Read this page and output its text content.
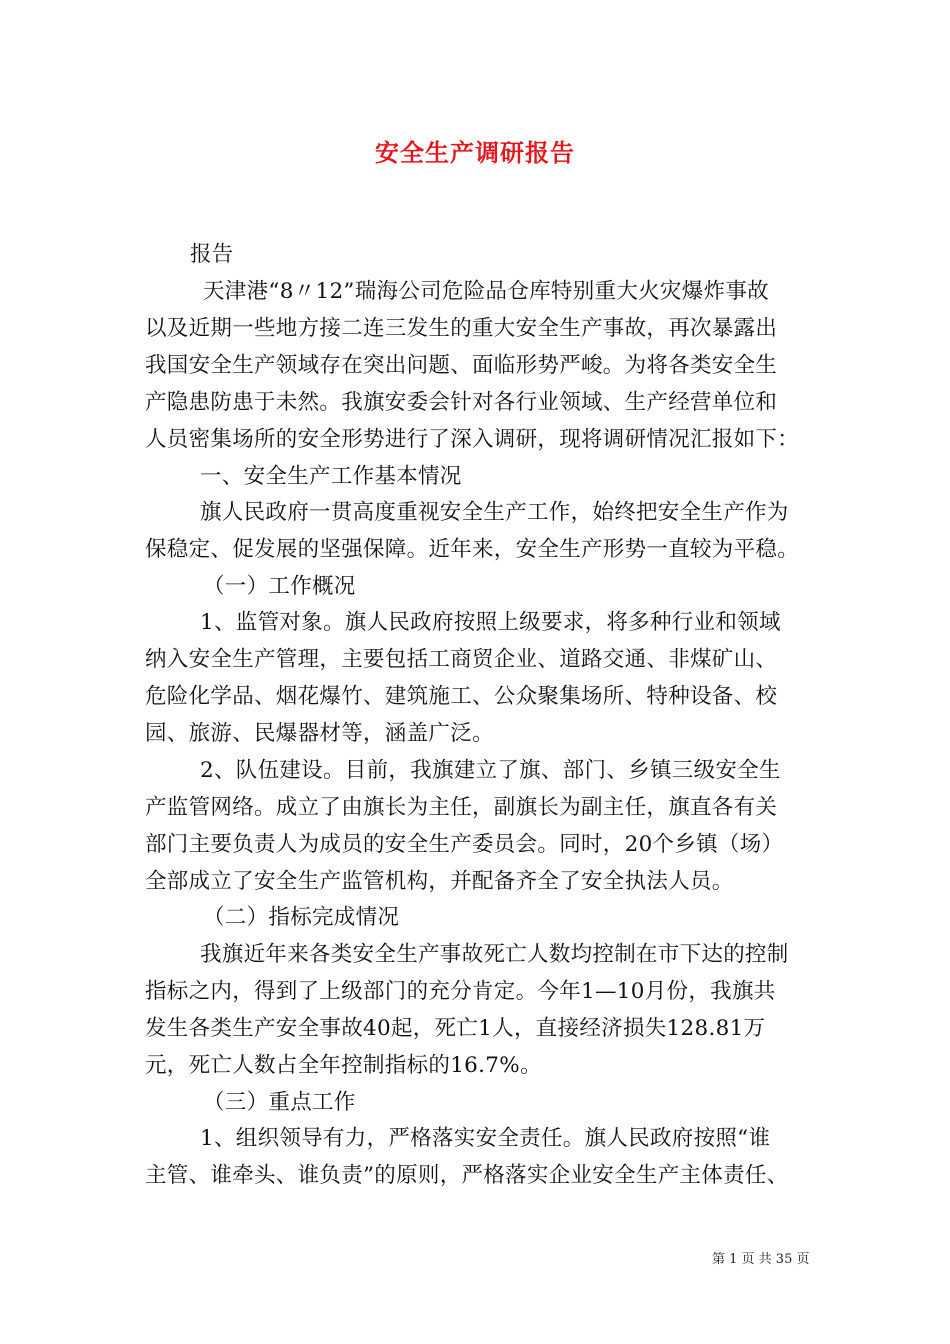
安全生产调研报告
报告
天津港“8〃12”瑞海公司危险品仓库特别重大火灾爆炸事故
以及近期一些地方接二连三发生的重大安全生产事故，再次暴露出
我国安全生产领域存在突出问题、面临形势严峻。为将各类安全生
产隐患防患于未然。我旗安委会针对各行业领域、生产经营单位和
人员密集场所的安全形势进行了深入调研，现将调研情况汇报如下：
一、安全生产工作基本情况
旗人民政府一贯高度重视安全生产工作，始终把安全生产作为
保稳定、促发展的坚强保障。近年来，安全生产形势一直较为平稳。
（一）工作概况
1、监管对象。旗人民政府按照上级要求，将多种行业和领域
纳入安全生产管理，主要包括工商贸企业、道路交通、非煤矿山、
危险化学品、烟花爆竹、建筑施工、公众聚集场所、特种设备、校
园、旅游、民爆器材等，涵盖广泛。
2、队伍建设。目前，我旗建立了旗、部门、乡镇三级安全生
产监管网络。成立了由旗长为主任，副旗长为副主任，旗直各有关
部门主要负责人为成员的安全生产委员会。同时，20个乡镇（场）
全部成立了安全生产监管机构，并配备齐全了安全执法人员。
（二）指标完成情况
我旗近年来各类安全生产事故死亡人数均控制在市下达的控制
指标之内，得到了上级部门的充分肯定。今年1—10月份，我旗共
发生各类生产安全事故40起，死亡1人，直接经济损失128.81万
元，死亡人数占全年控制指标的16.7%。
（三）重点工作
1、组织领导有力，严格落实安全责任。旗人民政府按照“谁
主管、谁牵头、谁负责”的原则，严格落实企业安全生产主体责任、
第 1 页 共 35 页
